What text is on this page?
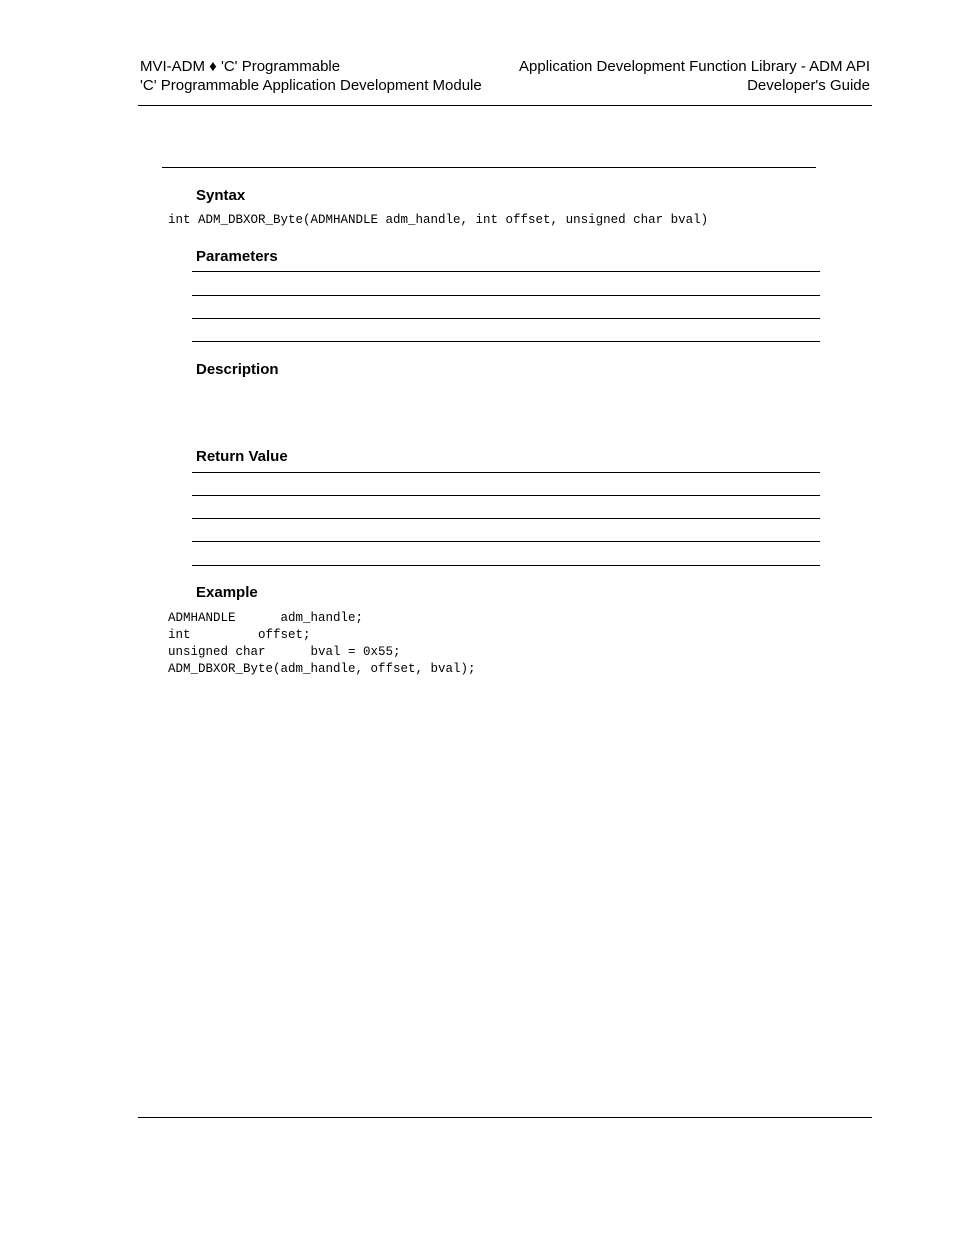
MVI-ADM ♦ 'C' Programmable
'C' Programmable Application Development Module
Application Development Function Library - ADM API
Developer's Guide
Syntax
int ADM_DBXOR_Byte(ADMHANDLE adm_handle, int offset, unsigned char bval)
Parameters
Description
Return Value
Example
ADMHANDLE      adm_handle;
int         offset;
unsigned char      bval = 0x55;
ADM_DBXOR_Byte(adm_handle, offset, bval);
